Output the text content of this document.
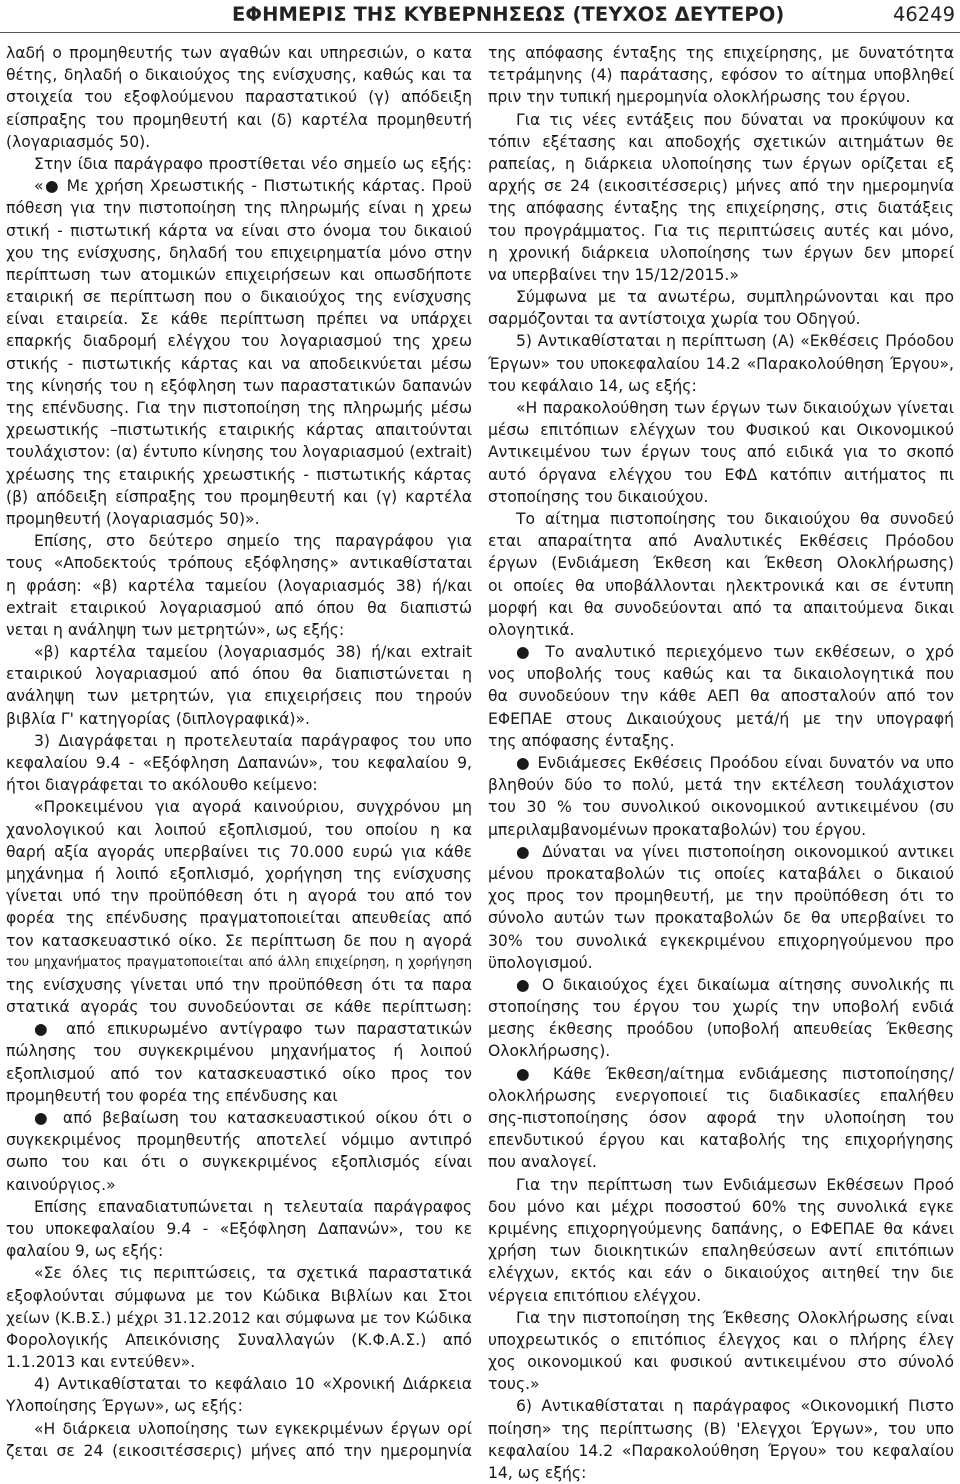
ΕΦΗΜΕΡΙΣ ΤΗΣ ΚΥΒΕΡΝΗΣΕΩΣ (ΤΕΥΧΟΣ ΔΕΥΤΕΡΟ)	46249
λαδή ο προμηθευτής των αγαθών και υπηρεσιών, ο κατα
θέτης, δηλαδή ο δικαιούχος της ενίσχυσης, καθώς και τα
στοιχεία του εξοφλούμενου παραστατικού (γ) απόδειξη
είσπραξης του προμηθευτή και (δ) καρτέλα προμηθευτή
(λογαριασμός 50).
Στην ίδια παράγραφο προστίθεται νέο σημείο ως εξής:
«● Με χρήση Χρεωστικής - Πιστωτικής κάρτας. Προϋ
πόθεση για την πιστοποίηση της πληρωμής είναι η χρεω
στική - πιστωτική κάρτα να είναι στο όνομα του δικαιού
χου της ενίσχυσης, δηλαδή του επιχειρηματία μόνο στην
περίπτωση των ατομικών επιχειρήσεων και οπωσδήποτε
εταιρική σε περίπτωση που ο δικαιούχος της ενίσχυσης
είναι εταιρεία. Σε κάθε περίπτωση πρέπει να υπάρχει
επαρκής διαδρομή ελέγχου του λογαριασμού της χρεω
στικής - πιστωτικής κάρτας και να αποδεικνύεται μέσω
της κίνησής του η εξόφληση των παραστατικών δαπανών
της επένδυσης. Για την πιστοποίηση της πληρωμής μέσω
χρεωστικής –πιστωτικής εταιρικής κάρτας απαιτούνται
τουλάχιστον: (α) έντυπο κίνησης του λογαριασμού (extrait)
χρέωσης της εταιρικής χρεωστικής - πιστωτικής κάρτας
(β) απόδειξη είσπραξης του προμηθευτή και (γ) καρτέλα
προμηθευτή (λογαριασμός 50)».
Επίσης, στο δεύτερο σημείο της παραγράφου για
τους «Αποδεκτούς τρόπους εξόφλησης» αντικαθίσταται
η φράση: «β) καρτέλα ταμείου (λογαριασμός 38) ή/και
extrait εταιρικού λογαριασμού από όπου θα διαπιστώ
νεται η ανάληψη των μετρητών», ως εξής:
«β) καρτέλα ταμείου (λογαριασμός 38) ή/και extrait
εταιρικού λογαριασμού από όπου θα διαπιστώνεται η
ανάληψη των μετρητών, για επιχειρήσεις που τηρούν
βιβλία Γ' κατηγορίας (διπλογραφικά)».
3) Διαγράφεται η προτελευταία παράγραφος του υπο
κεφαλαίου 9.4 - «Εξόφληση Δαπανών», του κεφαλαίου 9,
ήτοι διαγράφεται το ακόλουθο κείμενο:
«Προκειμένου για αγορά καινούριου, συγχρόνου μη
χανολογικού και λοιπού εξοπλισμού, του οποίου η κα
θαρή αξία αγοράς υπερβαίνει τις 70.000 ευρώ για κάθε
μηχάνημα ή λοιπό εξοπλισμό, χορήγηση της ενίσχυσης
γίνεται υπό την προϋπόθεση ότι η αγορά του από τον
φορέα της επένδυσης πραγματοποιείται απευθείας από
τον κατασκευαστικό οίκο. Σε περίπτωση δε που η αγορά
του μηχανήματος πραγματοποιείται από άλλη επιχείρηση, η χορήγηση
της ενίσχυσης γίνεται υπό την προϋπόθεση ότι τα παρα
στατικά αγοράς του συνοδεύονται σε κάθε περίπτωση:
● από επικυρωμένο αντίγραφο των παραστατικών
πώλησης του συγκεκριμένου μηχανήματος ή λοιπού
εξοπλισμού από τον κατασκευαστικό οίκο προς τον
προμηθευτή του φορέα της επένδυσης και
● από βεβαίωση του κατασκευαστικού οίκου ότι ο
συγκεκριμένος προμηθευτής αποτελεί νόμιμο αντιπρό
σωπο του και ότι ο συγκεκριμένος εξοπλισμός είναι
καινούργιος.»
Επίσης επαναδιατυπώνεται η τελευταία παράγραφος
του υποκεφαλαίου 9.4 - «Εξόφληση Δαπανών», του κε
φαλαίου 9, ως εξής:
«Σε όλες τις περιπτώσεις, τα σχετικά παραστατικά
εξοφλούνται σύμφωνα με τον Κώδικα Βιβλίων και Στοι
χείων (Κ.Β.Σ.) μέχρι 31.12.2012 και σύμφωνα με τον Κώδικα
Φορολογικής Απεικόνισης Συναλλαγών (Κ.Φ.Α.Σ.) από
1.1.2013 και εντεύθεν».
4) Αντικαθίσταται το κεφάλαιο 10 «Χρονική Διάρκεια
Υλοποίησης Έργων», ως εξής:
«Η διάρκεια υλοποίησης των εγκεκριμένων έργων ορί
ζεται σε 24 (εικοσιτέσσερις) μήνες από την ημερομηνία
της απόφασης ένταξης της επιχείρησης, με δυνατότητα
τετράμηνης (4) παράτασης, εφόσον το αίτημα υποβληθεί
πριν την τυπική ημερομηνία ολοκλήρωσης του έργου.
Για τις νέες εντάξεις που δύναται να προκύψουν κα
τόπιν εξέτασης και αποδοχής σχετικών αιτημάτων θε
ραπείας, η διάρκεια υλοποίησης των έργων ορίζεται εξ
αρχής σε 24 (εικοσιτέσσερις) μήνες από την ημερομηνία
της απόφασης ένταξης της επιχείρησης, στις διατάξεις
του προγράμματος. Για τις περιπτώσεις αυτές και μόνο,
η χρονική διάρκεια υλοποίησης των έργων δεν μπορεί
να υπερβαίνει την 15/12/2015.»
Σύμφωνα με τα ανωτέρω, συμπληρώνονται και προ
σαρμόζονται τα αντίστοιχα χωρία του Οδηγού.
5) Αντικαθίσταται η περίπτωση (Α) «Εκθέσεις Πρόοδου
Έργων» του υποκεφαλαίου 14.2 «Παρακολούθηση Έργου»,
του κεφάλαιο 14, ως εξής:
«Η παρακολούθηση των έργων των δικαιούχων γίνεται
μέσω επιτόπιων ελέγχων του Φυσικού και Οικονομικού
Αντικειμένου των έργων τους από ειδικά για το σκοπό
αυτό όργανα ελέγχου του ΕΦΔ κατόπιν αιτήματος πι
στοποίησης του δικαιούχου.
Το αίτημα πιστοποίησης του δικαιούχου θα συνοδεύ
εται απαραίτητα από Αναλυτικές Εκθέσεις Πρόοδου
έργων (Ενδιάμεση Έκθεση και Έκθεση Ολοκλήρωσης)
οι οποίες θα υποβάλλονται ηλεκτρονικά και σε έντυπη
μορφή και θα συνοδεύονται από τα απαιτούμενα δικαι
ολογητικά.
● Το αναλυτικό περιεχόμενο των εκθέσεων, ο χρό
νος υποβολής τους καθώς και τα δικαιολογητικά που
θα συνοδεύουν την κάθε ΑΕΠ θα αποσταλούν από τον
ΕΦΕΠΑΕ στους Δικαιούχους μετά/ή με την υπογραφή
της απόφασης ένταξης.
● Ενδιάμεσες Εκθέσεις Προόδου είναι δυνατόν να υπο
βληθούν δύο το πολύ, μετά την εκτέλεση τουλάχιστον
του 30 % του συνολικού οικονομικού αντικειμένου (συ
μπεριλαμβανομένων προκαταβολών) του έργου.
● Δύναται να γίνει πιστοποίηση οικονομικού αντικει
μένου προκαταβολών τις οποίες καταβάλει ο δικαιού
χος προς τον προμηθευτή, με την προϋπόθεση ότι το
σύνολο αυτών των προκαταβολών δε θα υπερβαίνει το
30% του συνολικά εγκεκριμένου επιχορηγούμενου προ
ϋπολογισμού.
● Ο δικαιούχος έχει δικαίωμα αίτησης συνολικής πι
στοποίησης του έργου του χωρίς την υποβολή ενδιά
μεσης έκθεσης προόδου (υποβολή απευθείας Έκθεσης
Ολοκλήρωσης).
● Κάθε Έκθεση/αίτημα ενδιάμεσης πιστοποίησης/
ολοκλήρωσης ενεργοποιεί τις διαδικασίες επαλήθευ
σης-πιστοποίησης όσον αφορά την υλοποίηση του
επενδυτικού έργου και καταβολής της επιχορήγησης
που αναλογεί.
Για την περίπτωση των Ενδιάμεσων Εκθέσεων Προό
δου μόνο και μέχρι ποσοστού 60% της συνολικά εγκε
κριμένης επιχορηγούμενης δαπάνης, ο ΕΦΕΠΑΕ θα κάνει
χρήση των διοικητικών επαληθεύσεων αντί επιτόπιων
ελέγχων, εκτός και εάν ο δικαιούχος αιτηθεί την διε
νέργεια επιτόπιου ελέγχου.
Για την πιστοποίηση της Έκθεσης Ολοκλήρωσης είναι
υποχρεωτικός ο επιτόπιος έλεγχος και ο πλήρης έλεγ
χος οικονομικού και φυσικού αντικειμένου στο σύνολό
τους.»
6) Αντικαθίσταται η παράγραφος «Οικονομική Πιστο
ποίηση» της περίπτωσης (Β) 'Ελεγχοι Έργων», του υπο
κεφαλαίου 14.2 «Παρακολούθηση Έργου» του κεφαλαίου
14, ως εξής:
